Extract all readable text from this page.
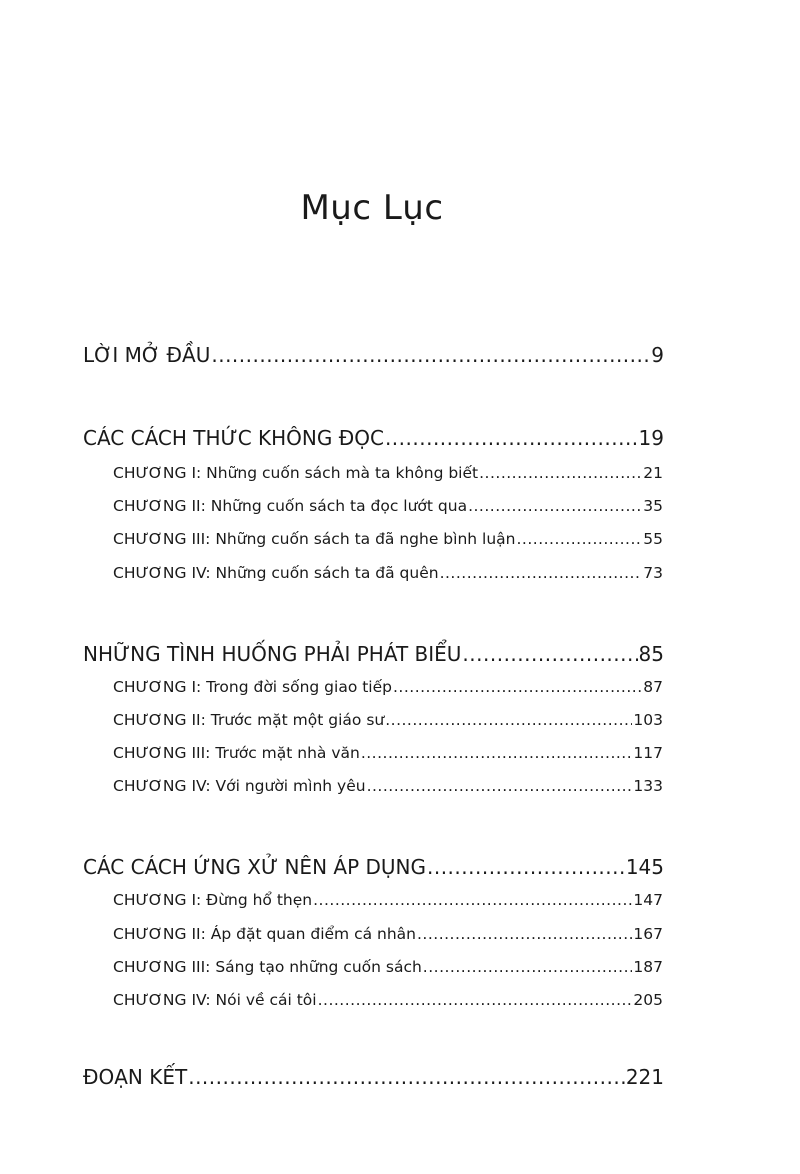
Mục Lục
LỜI MỞ ĐẦU .....	9
CÁC CÁCH THỨC KHÔNG ĐỌC .....	19
CHƯƠNG I: Những cuốn sách mà ta không biết .....	21
CHƯƠNG II: Những cuốn sách ta đọc lướt qua .....	35
CHƯƠNG III: Những cuốn sách ta đã nghe bình luận .....	55
CHƯƠNG IV: Những cuốn sách ta đã quên .....	73
NHỮNG TÌNH HUỐNG PHẢI PHÁT BIỂU .....	85
CHƯƠNG I: Trong đời sống giao tiếp .....	87
CHƯƠNG II: Trước mặt một giáo sư .....	103
CHƯƠNG III: Trước mặt nhà văn .....	117
CHƯƠNG IV: Với người mình yêu .....	133
CÁC CÁCH ỨNG XỬ NÊN ÁP DỤNG .....	145
CHƯƠNG I: Đừng hổ thẹn .....	147
CHƯƠNG II: Áp đặt quan điểm cá nhân .....	167
CHƯƠNG III: Sáng tạo những cuốn sách .....	187
CHƯƠNG IV: Nói về cái tôi .....	205
ĐOẠN KẾT .....	221
